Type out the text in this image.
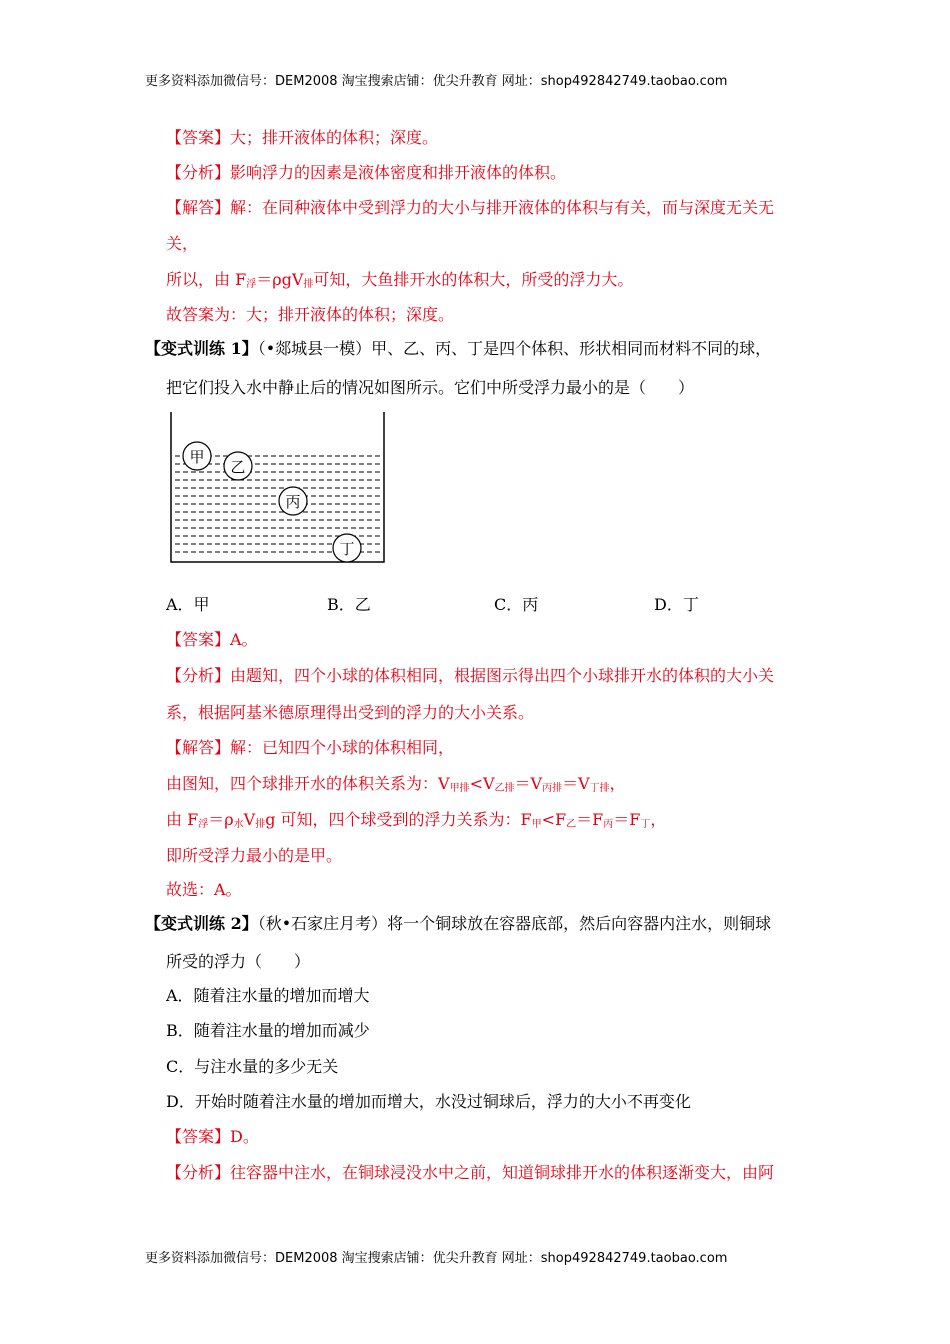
更多资料添加微信号：DEM2008 淘宝搜索店铺：优尖升教育 网址：shop492842749.taobao.com
【答案】大；排开液体的体积；深度。
【分析】影响浮力的因素是液体密度和排开液体的体积。
【解答】解：在同种液体中受到浮力的大小与排开液体的体积与有关，而与深度无关无
关，
所以，由 $F_浮=\rho gV_排$可知，大鱼排开水的体积大，所受的浮力大。
故答案为：大；排开液体的体积；深度。
【变式训练 1】（•郯城县一模）甲、乙、丙、丁是四个体积、形状相同而材料不同的球，
把它们投入水中静止后的情况如图所示。它们中所受浮力最小的是（　　）
甲
乙
丙
丁
A．甲	B．乙	C．丙	D．丁
【答案】A。
【分析】由题知，四个小球的体积相同，根据图示得出四个小球排开水的体积的大小关
系，根据阿基米德原理得出受到的浮力的大小关系。
【解答】解：已知四个小球的体积相同，
由图知，四个球排开水的体积关系为：$V_{甲排}<V_{乙排}=V_{丙排}=V_{丁排}$，
由 $F_浮=\rho_水V_排g$ 可知，四个球受到的浮力关系为：$F_甲<F_乙=F_丙=F_丁$，
即所受浮力最小的是甲。
故选：A。
【变式训练 2】（秋•石家庄月考）将一个铜球放在容器底部，然后向容器内注水，则铜球
所受的浮力（　　）
A．随着注水量的增加而增大
B．随着注水量的增加而减少
C．与注水量的多少无关
D．开始时随着注水量的增加而增大，水没过铜球后，浮力的大小不再变化
【答案】D。
【分析】往容器中注水，在铜球浸没水中之前，知道铜球排开水的体积逐渐变大，由阿
更多资料添加微信号：DEM2008 淘宝搜索店铺：优尖升教育 网址：shop492842749.taobao.com
